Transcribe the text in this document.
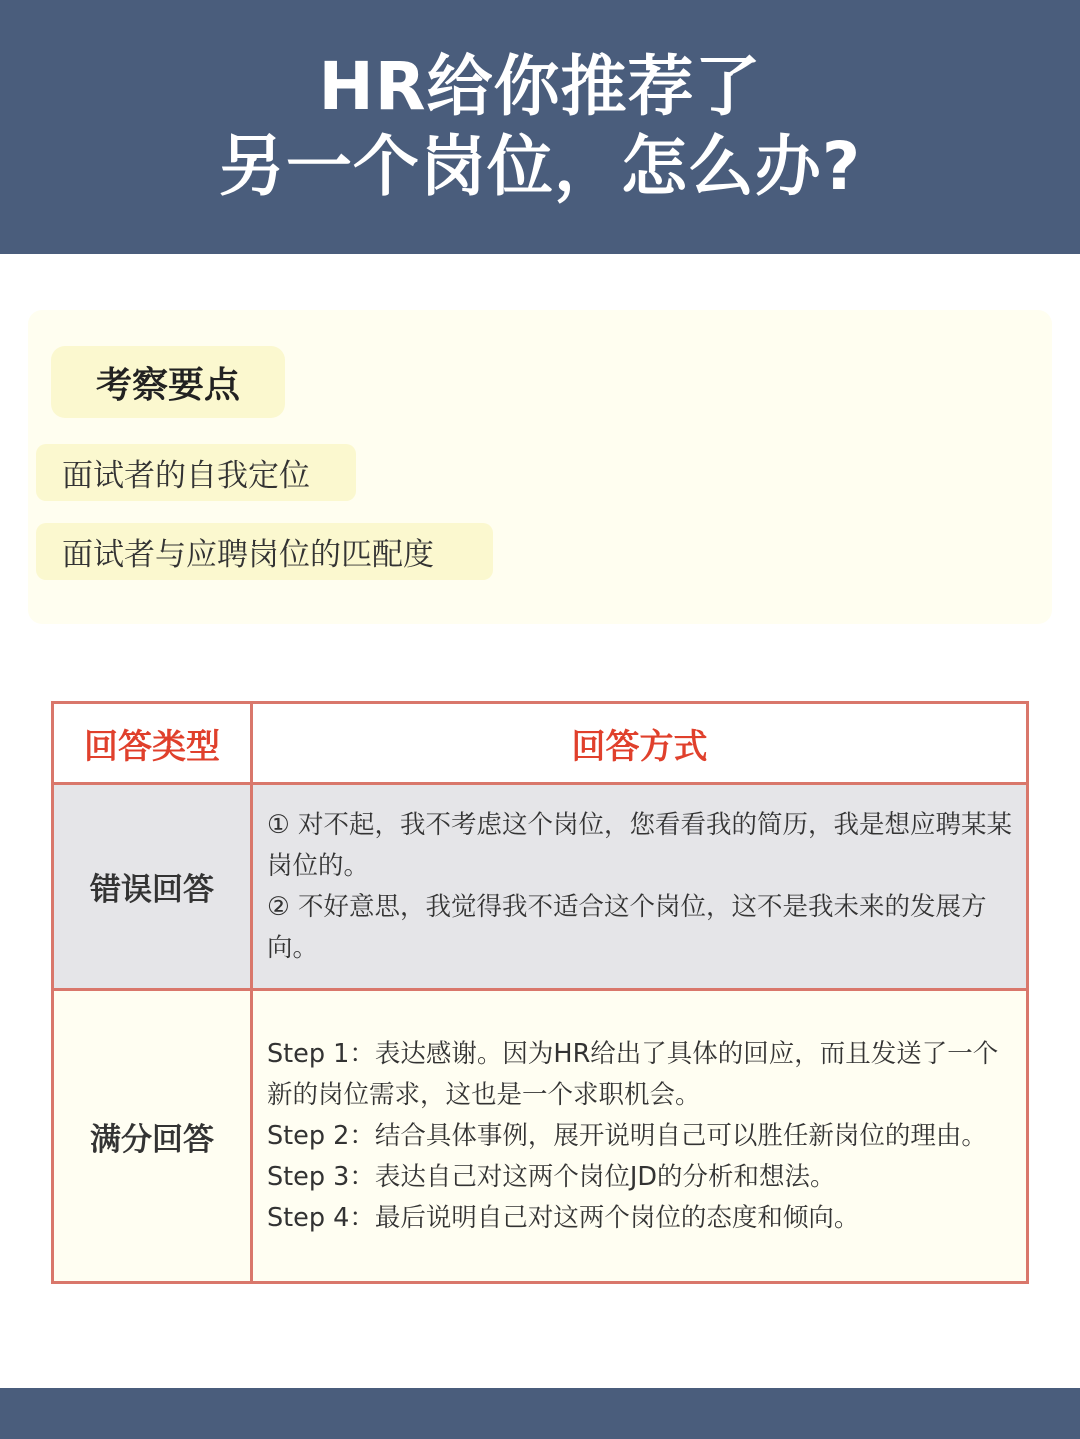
HR给你推荐了
另一个岗位，怎么办?
考察要点
面试者的自我定位
面试者与应聘岗位的匹配度
回答类型	回答方式
错误回答	① 对不起，我不考虑这个岗位，您看看我的简历，我是想应聘某某岗位的。

② 不好意思，我觉得我不适合这个岗位，这不是我未来的发展方向。

满分回答	Step 1：表达感谢。因为HR给出了具体的回应，而且发送了一个新的岗位需求，这也是一个求职机会。

Step 2：结合具体事例，展开说明自己可以胜任新岗位的理由。

Step 3：表达自己对这两个岗位JD的分析和想法。

Step 4：最后说明自己对这两个岗位的态度和倾向。
